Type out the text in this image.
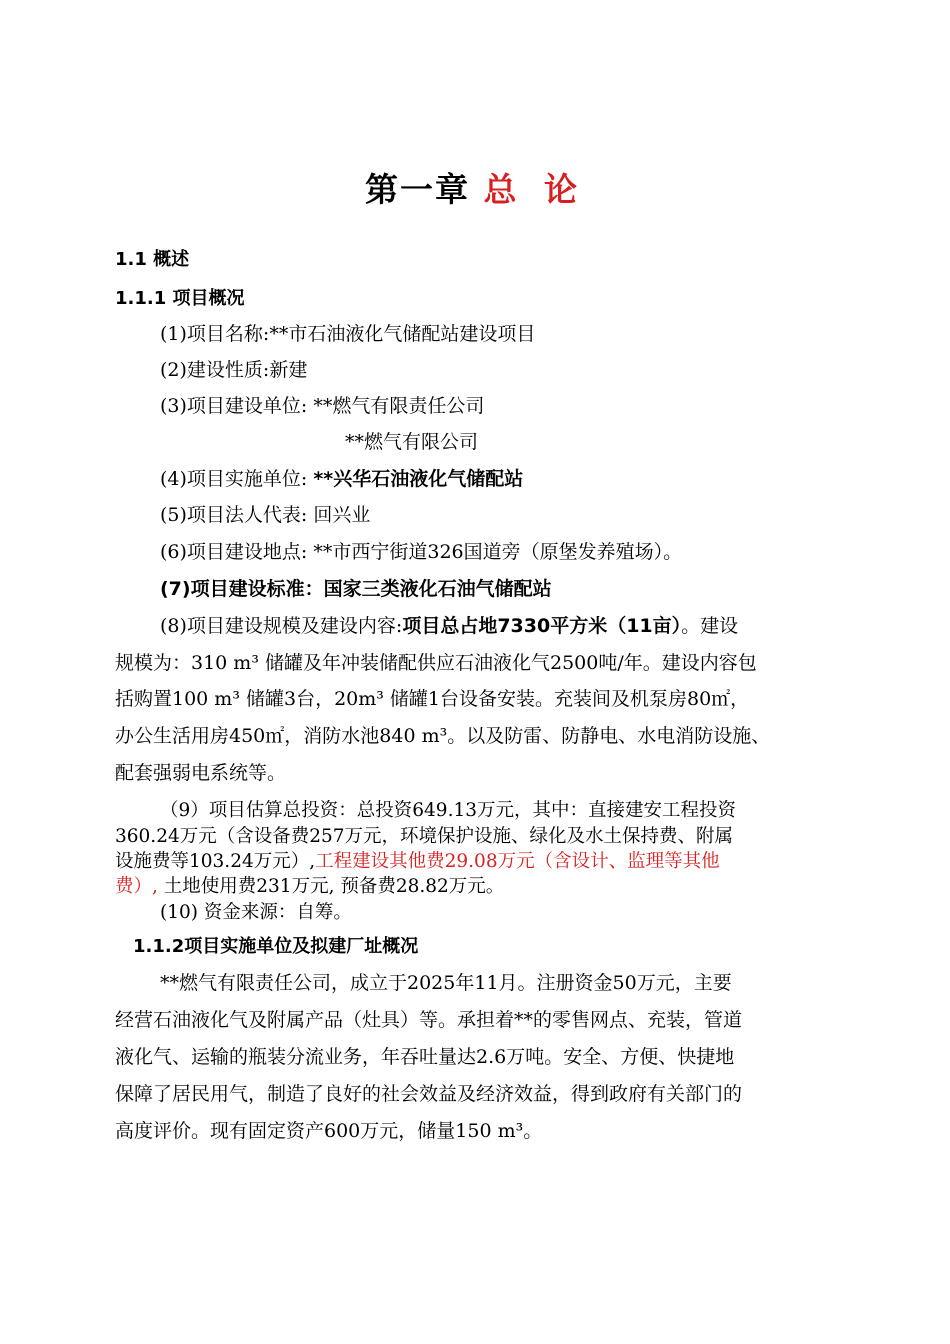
第一章 总 论
1.1 概述
1.1.1 项目概况
(1)项目名称:**市石油液化气储配站建设项目
(2)建设性质:新建
(3)项目建设单位: **燃气有限责任公司
**燃气有限公司
(4)项目实施单位: **兴华石油液化气储配站
(5)项目法人代表: 回兴业
(6)项目建设地点: **市西宁街道326国道旁（原堡发养殖场）。
(7)项目建设标准：国家三类液化石油气储配站
(8)项目建设规模及建设内容:项目总占地7330平方米（11亩）。建设
规模为：310 m³ 储罐及年冲装储配供应石油液化气2500吨/年。建设内容包
括购置100 m³ 储罐3台，20m³ 储罐1台设备安装。充装间及机泵房80㎡，
办公生活用房450㎡，消防水池840 m³。以及防雷、防静电、水电消防设施、
配套强弱电系统等。
（9）项目估算总投资：总投资649.13万元，其中：直接建安工程投资
360.24万元（含设备费257万元，环境保护设施、绿化及水土保持费、附属
设施费等103.24万元）,工程建设其他费29.08万元（含设计、监理等其他
费）, 土地使用费231万元, 预备费28.82万元。
(10) 资金来源：自筹。
1.1.2项目实施单位及拟建厂址概况
**燃气有限责任公司，成立于2025年11月。注册资金50万元，主要
经营石油液化气及附属产品（灶具）等。承担着**的零售网点、充装，管道
液化气、运输的瓶装分流业务，年吞吐量达2.6万吨。安全、方便、快捷地
保障了居民用气，制造了良好的社会效益及经济效益，得到政府有关部门的
高度评价。现有固定资产600万元，储量150 m³。
